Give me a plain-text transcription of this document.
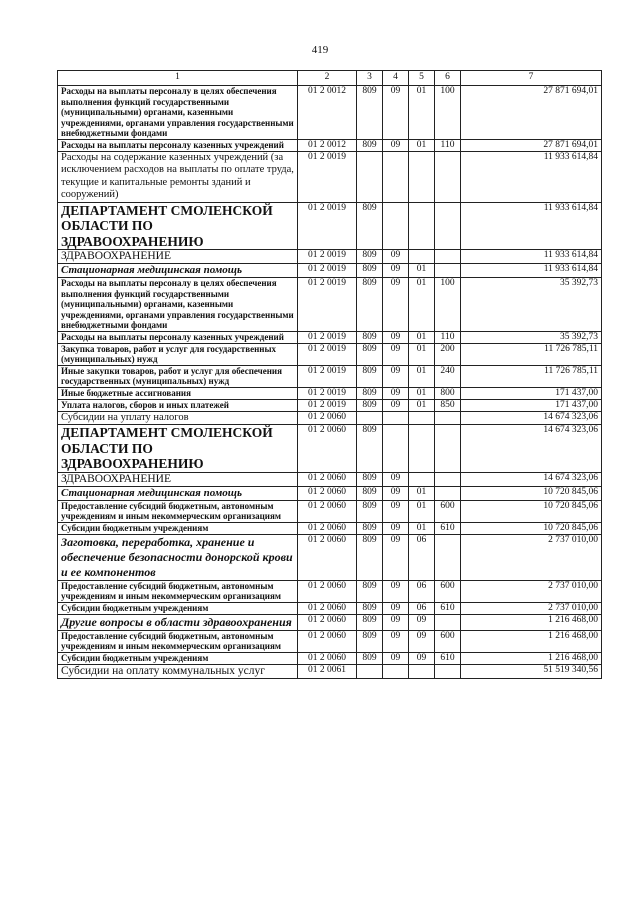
419
1	2	3	4	5	6	7
Расходы на выплаты персоналу в целях обеспечения выполнения функций государственными (муниципальными) органами, казенными учреждениями, органами управления государственными внебюджетными фондами	01 2 0012	809	09	01	100	27 871 694,01
Расходы на выплаты персоналу казенных учреждений	01 2 0012	809	09	01	110	27 871 694,01
Расходы на содержание казенных учреждений (за исключением расходов на выплаты по оплате труда, текущие и капитальные ремонты зданий и сооружений)	01 2 0019					11 933 614,84
ДЕПАРТАМЕНТ СМОЛЕНСКОЙ ОБЛАСТИ ПО ЗДРАВООХРАНЕНИЮ	01 2 0019	809				11 933 614,84
ЗДРАВООХРАНЕНИЕ	01 2 0019	809	09			11 933 614,84
Стационарная медицинская помощь	01 2 0019	809	09	01		11 933 614,84
Расходы на выплаты персоналу в целях обеспечения выполнения функций государственными (муниципальными) органами, казенными учреждениями, органами управления государственными внебюджетными фондами	01 2 0019	809	09	01	100	35 392,73
Расходы на выплаты персоналу казенных учреждений	01 2 0019	809	09	01	110	35 392,73
Закупка товаров, работ и услуг для государственных (муниципальных) нужд	01 2 0019	809	09	01	200	11 726 785,11
Иные закупки товаров, работ и услуг для обеспечения государственных (муниципальных) нужд	01 2 0019	809	09	01	240	11 726 785,11
Иные бюджетные ассигнования	01 2 0019	809	09	01	800	171 437,00
Уплата налогов, сборов и иных платежей	01 2 0019	809	09	01	850	171 437,00
Субсидии на уплату налогов	01 2 0060					14 674 323,06
ДЕПАРТАМЕНТ СМОЛЕНСКОЙ ОБЛАСТИ ПО ЗДРАВООХРАНЕНИЮ	01 2 0060	809				14 674 323,06
ЗДРАВООХРАНЕНИЕ	01 2 0060	809	09			14 674 323,06
Стационарная медицинская помощь	01 2 0060	809	09	01		10 720 845,06
Предоставление субсидий бюджетным, автономным учреждениям и иным некоммерческим организациям	01 2 0060	809	09	01	600	10 720 845,06
Субсидии бюджетным учреждениям	01 2 0060	809	09	01	610	10 720 845,06
Заготовка, переработка, хранение и обеспечение безопасности донорской крови и ее компонентов	01 2 0060	809	09	06		2 737 010,00
Предоставление субсидий бюджетным, автономным учреждениям и иным некоммерческим организациям	01 2 0060	809	09	06	600	2 737 010,00
Субсидии бюджетным учреждениям	01 2 0060	809	09	06	610	2 737 010,00
Другие вопросы в области здравоохранения	01 2 0060	809	09	09		1 216 468,00
Предоставление субсидий бюджетным, автономным учреждениям и иным некоммерческим организациям	01 2 0060	809	09	09	600	1 216 468,00
Субсидии бюджетным учреждениям	01 2 0060	809	09	09	610	1 216 468,00
Субсидии на оплату коммунальных услуг	01 2 0061					51 519 340,56
